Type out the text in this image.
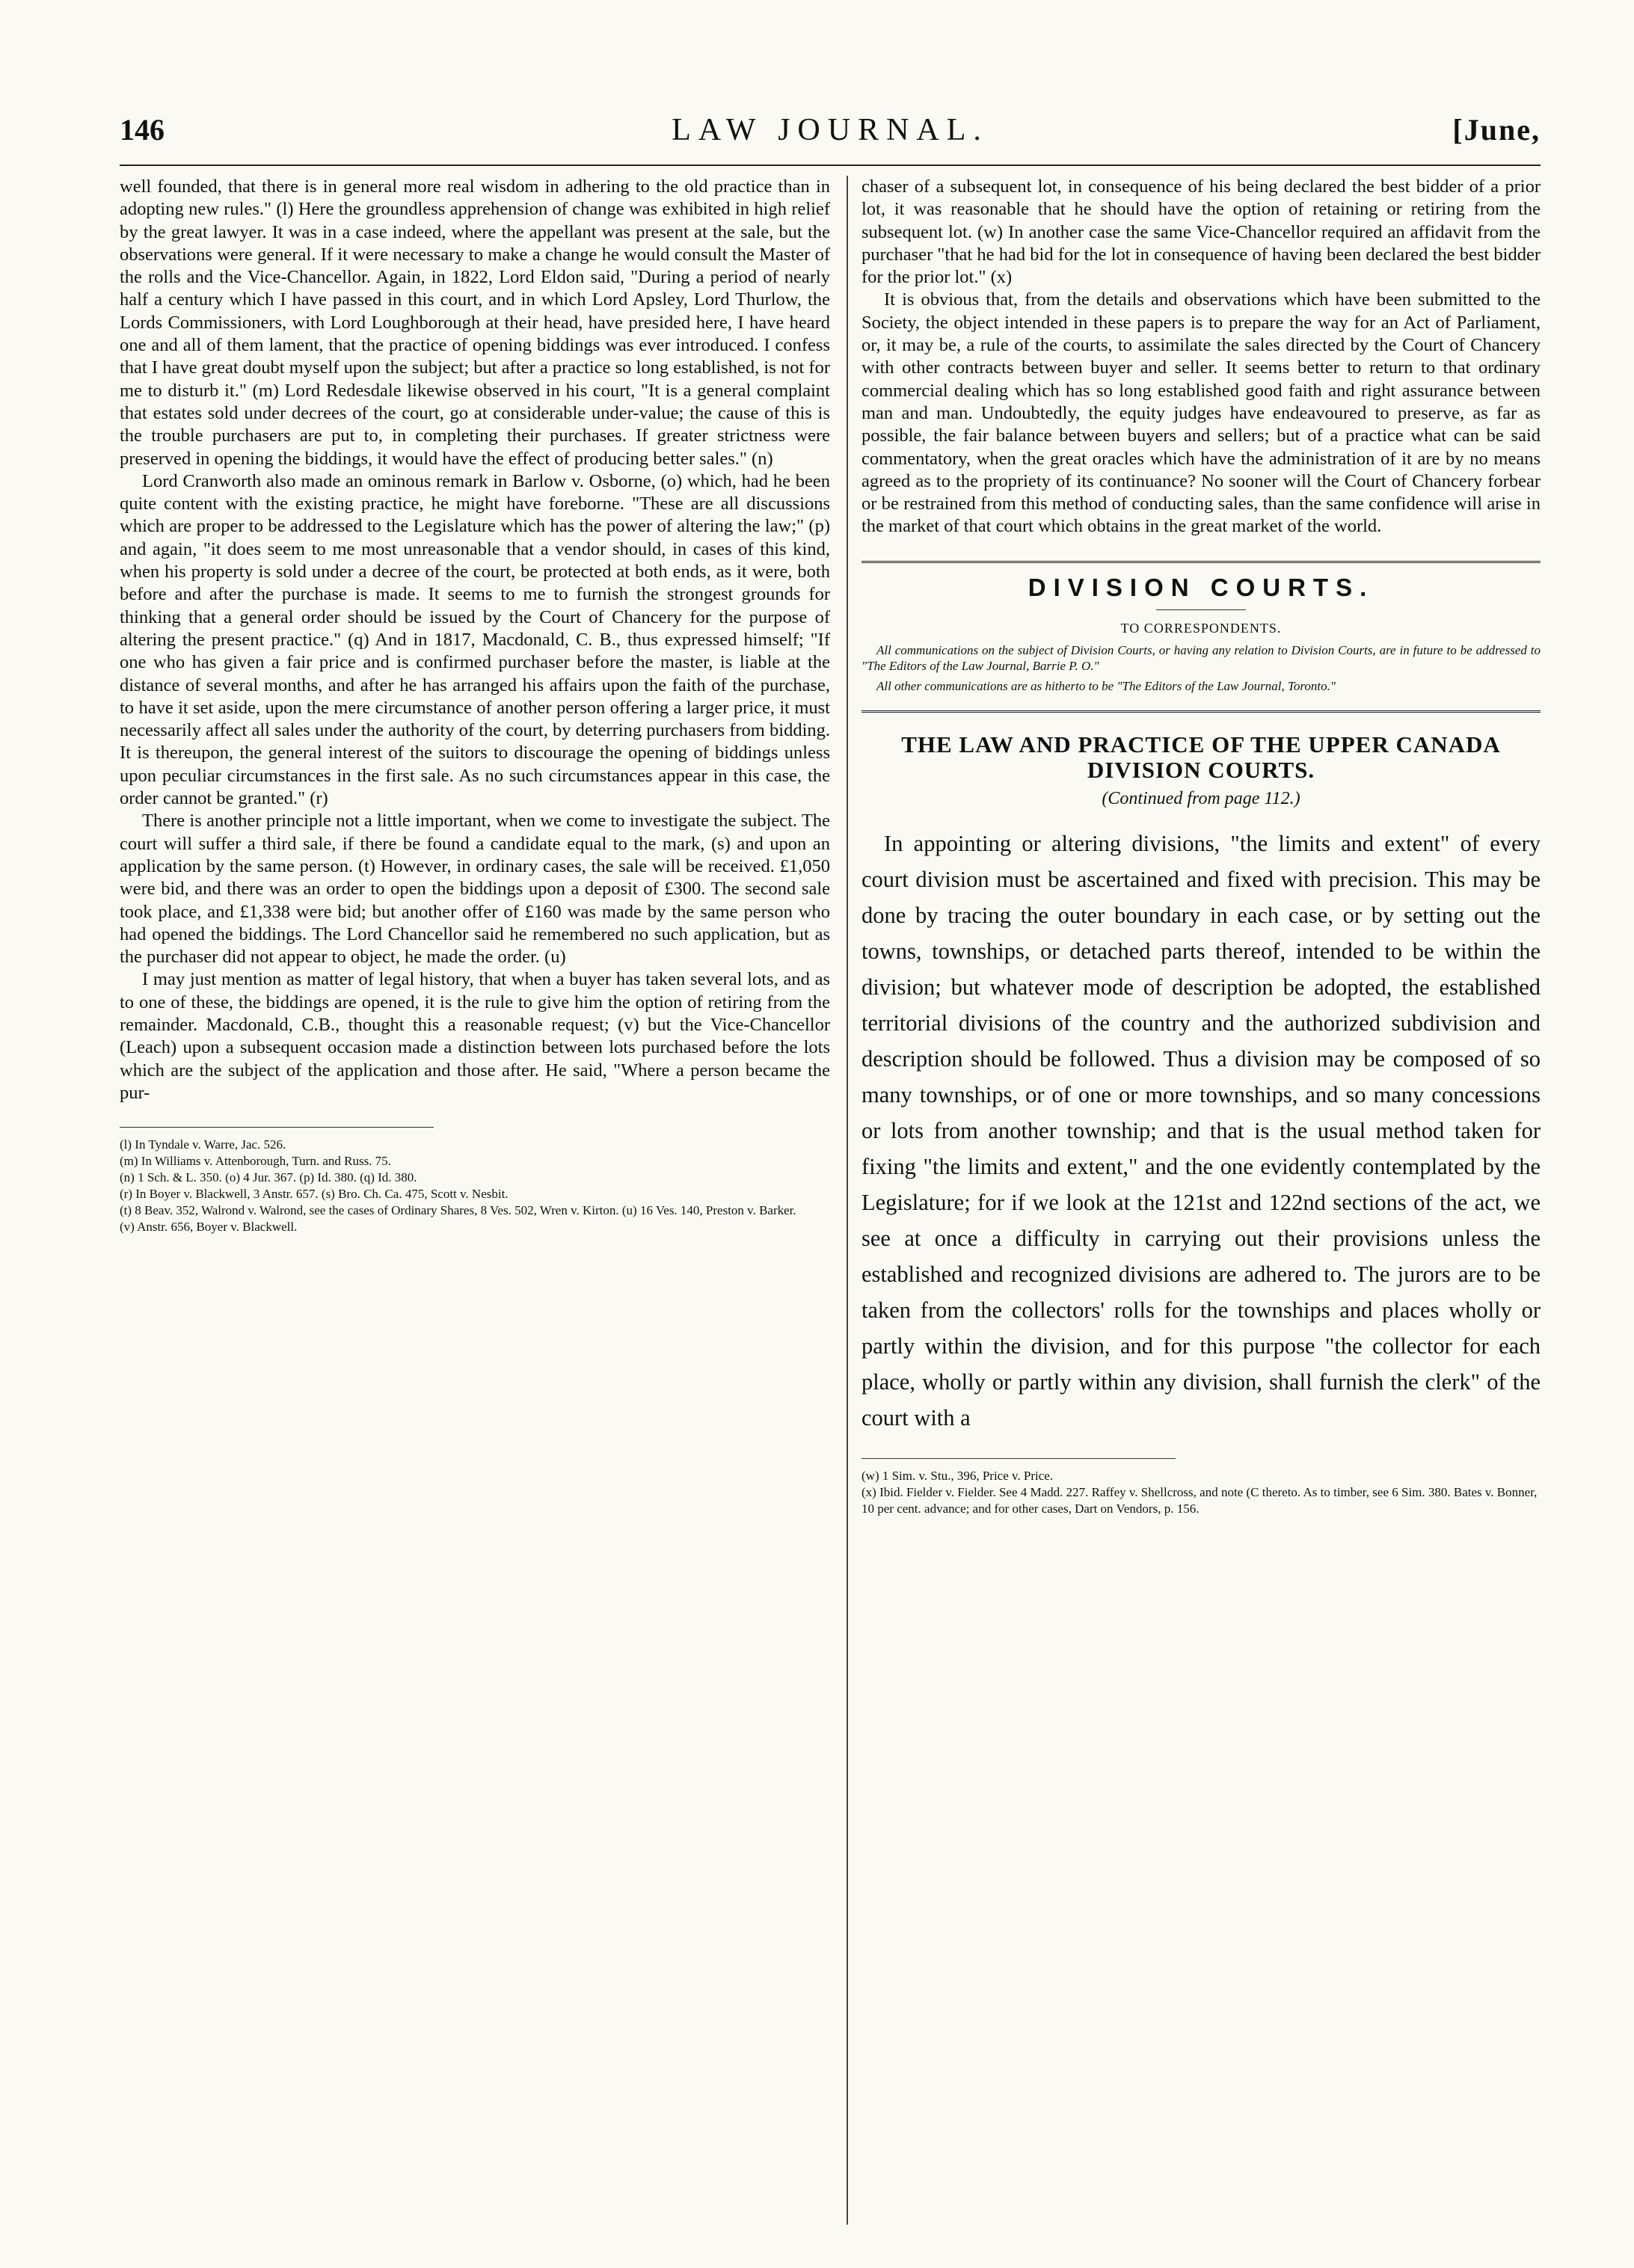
146	LAW JOURNAL.	[June,

well founded, that there is in general more real wisdom in adhering to the old practice than in adopting new rules." (l) Here the groundless apprehension of change was exhibited in high relief by the great lawyer. It was in a case indeed, where the appellant was present at the sale, but the observations were general. If it were necessary to make a change he would consult the Master of the rolls and the Vice-Chancellor. Again, in 1822, Lord Eldon said, "During a period of nearly half a century which I have passed in this court, and in which Lord Apsley, Lord Thurlow, the Lords Commissioners, with Lord Loughborough at their head, have presided here, I have heard one and all of them lament, that the practice of opening biddings was ever introduced. I confess that I have great doubt myself upon the subject; but after a practice so long established, is not for me to disturb it." (m) Lord Redesdale likewise observed in his court, "It is a general complaint that estates sold under decrees of the court, go at considerable under-value; the cause of this is the trouble purchasers are put to, in completing their purchases. If greater strictness were preserved in opening the biddings, it would have the effect of producing better sales." (n)

Lord Cranworth also made an ominous remark in Barlow v. Osborne, (o) which, had he been quite content with the existing practice, he might have foreborne. "These are all discussions which are proper to be addressed to the Legislature which has the power of altering the law;" (p) and again, "it does seem to me most unreasonable that a vendor should, in cases of this kind, when his property is sold under a decree of the court, be protected at both ends, as it were, both before and after the purchase is made. It seems to me to furnish the strongest grounds for thinking that a general order should be issued by the Court of Chancery for the purpose of altering the present practice." (q) And in 1817, Macdonald, C. B., thus expressed himself; "If one who has given a fair price and is confirmed purchaser before the master, is liable at the distance of several months, and after he has arranged his affairs upon the faith of the purchase, to have it set aside, upon the mere circumstance of another person offering a larger price, it must necessarily affect all sales under the authority of the court, by deterring purchasers from bidding. It is thereupon, the general interest of the suitors to discourage the opening of biddings unless upon peculiar circumstances in the first sale. As no such circumstances appear in this case, the order cannot be granted." (r)

There is another principle not a little important, when we come to investigate the subject. The court will suffer a third sale, if there be found a candidate equal to the mark, (s) and upon an application by the same person. (t) However, in ordinary cases, the sale will be received. £1,050 were bid, and there was an order to open the biddings upon a deposit of £300. The second sale took place, and £1,338 were bid; but another offer of £160 was made by the same person who had opened the biddings. The Lord Chancellor said he remembered no such application, but as the purchaser did not appear to object, he made the order. (u)

I may just mention as matter of legal history, that when a buyer has taken several lots, and as to one of these, the biddings are opened, it is the rule to give him the option of retiring from the remainder. Macdonald, C.B., thought this a reasonable request; (v) but the Vice-Chancellor (Leach) upon a subsequent occasion made a distinction between lots purchased before the lots which are the subject of the application and those after. He said, "Where a person became the pur-

(l) In Tyndale v. Warre, Jac. 526.

(m) In Williams v. Attenborough, Turn. and Russ. 75.

(n) 1 Sch. & L. 350. (o) 4 Jur. 367. (p) Id. 380. (q) Id. 380.

(r) In Boyer v. Blackwell, 3 Anstr. 657. (s) Bro. Ch. Ca. 475, Scott v. Nesbit.

(t) 8 Beav. 352, Walrond v. Walrond, see the cases of Ordinary Shares, 8 Ves. 502, Wren v. Kirton. (u) 16 Ves. 140, Preston v. Barker.

(v) Anstr. 656, Boyer v. Blackwell.

chaser of a subsequent lot, in consequence of his being declared the best bidder of a prior lot, it was reasonable that he should have the option of retaining or retiring from the subsequent lot. (w) In another case the same Vice-Chancellor required an affidavit from the purchaser "that he had bid for the lot in consequence of having been declared the best bidder for the prior lot." (x)

It is obvious that, from the details and observations which have been submitted to the Society, the object intended in these papers is to prepare the way for an Act of Parliament, or, it may be, a rule of the courts, to assimilate the sales directed by the Court of Chancery with other contracts between buyer and seller. It seems better to return to that ordinary commercial dealing which has so long established good faith and right assurance between man and man. Undoubtedly, the equity judges have endeavoured to preserve, as far as possible, the fair balance between buyers and sellers; but of a practice what can be said commentatory, when the great oracles which have the administration of it are by no means agreed as to the propriety of its continuance? No sooner will the Court of Chancery forbear or be restrained from this method of conducting sales, than the same confidence will arise in the market of that court which obtains in the great market of the world.

DIVISION COURTS.
TO CORRESPONDENTS.

All communications on the subject of Division Courts, or having any relation to Division Courts, are in future to be addressed to "The Editors of the Law Journal, Barrie P. O."

All other communications are as hitherto to be "The Editors of the Law Journal, Toronto."

THE LAW AND PRACTICE OF THE UPPER CANADA DIVISION COURTS.
(Continued from page 112.)

In appointing or altering divisions, "the limits and extent" of every court division must be ascertained and fixed with precision. This may be done by tracing the outer boundary in each case, or by setting out the towns, townships, or detached parts thereof, intended to be within the division; but whatever mode of description be adopted, the established territorial divisions of the country and the authorized subdivision and description should be followed. Thus a division may be composed of so many townships, or of one or more townships, and so many concessions or lots from another township; and that is the usual method taken for fixing "the limits and extent," and the one evidently contemplated by the Legislature; for if we look at the 121st and 122nd sections of the act, we see at once a difficulty in carrying out their provisions unless the established and recognized divisions are adhered to. The jurors are to be taken from the collectors' rolls for the townships and places wholly or partly within the division, and for this purpose "the collector for each place, wholly or partly within any division, shall furnish the clerk" of the court with a

(w) 1 Sim. v. Stu., 396, Price v. Price.

(x) Ibid. Fielder v. Fielder. See 4 Madd. 227. Raffey v. Shellcross, and note (C thereto. As to timber, see 6 Sim. 380. Bates v. Bonner, 10 per cent. advance; and for other cases, Dart on Vendors, p. 156.
